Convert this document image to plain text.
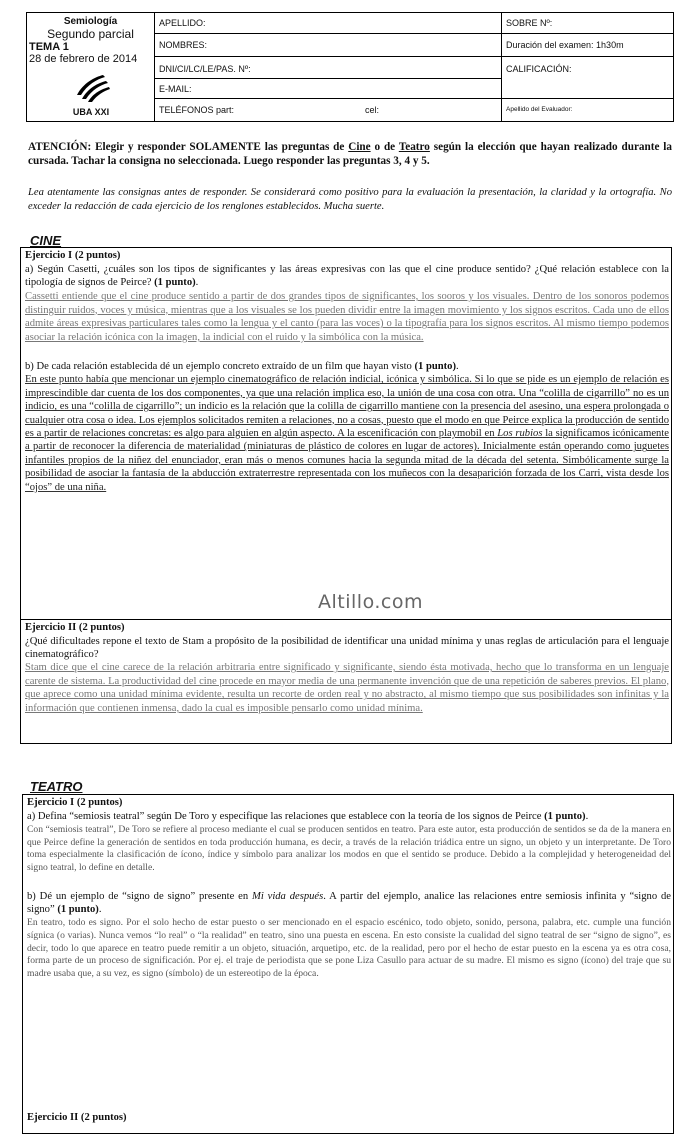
Semiología
Segundo parcial
TEMA 1
28 de febrero de 2014
UBA XXI
APELLIDO:
NOMBRES:
DNI/CI/LC/LE/PAS. Nº:
E-MAIL:
TELÉFONOS part:	cel:
SOBRE Nº:
Duración del examen: 1h30m
CALIFICACIÓN:
Apellido del Evaluador:
ATENCIÓN: Elegir y responder SOLAMENTE las preguntas de Cine o de Teatro según la elección que hayan realizado durante la cursada. Tachar la consigna no seleccionada. Luego responder las preguntas 3, 4 y 5.
Lea atentamente las consignas antes de responder. Se considerará como positivo para la evaluación la presentación, la claridad y la ortografía. No exceder la redacción de cada ejercicio de los renglones establecidos. Mucha suerte.
CINE
Ejercicio I (2 puntos)
a) Según Casetti, ¿cuáles son los tipos de significantes y las áreas expresivas con las que el cine produce sentido? ¿Qué relación establece con la tipología de signos de Peirce? (1 punto).
Cassetti entiende que el cine produce sentido a partir de dos grandes tipos de significantes, los sooros y los visuales. Dentro de los sonoros podemos distinguir ruidos, voces y música, mientras que a los visuales se los pueden dividir entre la imagen movimiento y los signos escritos. Cada uno de ellos admite áreas expresivas particulares tales como la lengua y el canto (para las voces) o la tipografía para los signos escritos. Al mismo tiempo podemos asociar la relación icónica con la imagen, la indicial con el ruido y la simbólica con la música.
b) De cada relación establecida dé un ejemplo concreto extraído de un film que hayan visto (1 punto).
En este punto había que mencionar un ejemplo cinematográfico de relación indicial, icónica y simbólica. Si lo que se pide es un ejemplo de relación es imprescindible dar cuenta de los dos componentes, ya que una relación implica eso, la unión de una cosa con otra. Una “colilla de cigarrillo” no es un indicio, es una “colilla de cigarrillo”; un indicio es la relación que la colilla de cigarrillo mantiene con la presencia del asesino, una espera prolongada o cualquier otra cosa o idea. Los ejemplos solicitados remiten a relaciones, no a cosas, puesto que el modo en que Peirce explica la producción de sentido es a partir de relaciones concretas: es algo para alguien en algún aspecto. A la escenificación con playmobil en Los rubios la significamos icónicamente a partir de reconocer la diferencia de materialidad (miniaturas de plástico de colores en lugar de actores). Inicialmente están operando como juguetes infantiles propios de la niñez del enunciador, eran más o menos comunes hacia la segunda mitad de la década del setenta. Simbólicamente surge la posibilidad de asociar la fantasía de la abducción extraterrestre representada con los muñecos con la desaparición forzada de los Carri, vista desde los “ojos” de una niña.
Altillo.com
Ejercicio II (2 puntos)
¿Qué dificultades repone el texto de Stam a propósito de la posibilidad de identificar una unidad mínima y unas reglas de articulación para el lenguaje cinematográfico?
Stam dice que el cine carece de la relación arbitraria entre significado y significante, siendo ésta motivada, hecho que lo transforma en un lenguaje carente de sistema. La productividad del cine procede en mayor media de una permanente invención que de una repetición de saberes previos. El plano, que aprece como una unidad mínima evidente, resulta un recorte de orden real y no abstracto, al mismo tiempo que sus posibilidades son infinitas y la información que contienen inmensa, dado la cual es imposible pensarlo como unidad mínima.
TEATRO
Ejercicio I (2 puntos)
a) Defina “semiosis teatral” según De Toro y especifique las relaciones que establece con la teoría de los signos de Peirce (1 punto).
Con “semiosis teatral”, De Toro se refiere al proceso mediante el cual se producen sentidos en teatro. Para este autor, esta producción de sentidos se da de la manera en que Peirce define la generación de sentidos en toda producción humana, es decir, a través de la relación triádica entre un signo, un objeto y un interpretante. De Toro toma especialmente la clasificación de ícono, índice y símbolo para analizar los modos en que el sentido se produce. Debido a la complejidad y heterogeneidad del signo teatral, lo define en detalle.
b) Dé un ejemplo de “signo de signo” presente en Mi vida después. A partir del ejemplo, analice las relaciones entre semiosis infinita y “signo de signo” (1 punto).
En teatro, todo es signo. Por el solo hecho de estar puesto o ser mencionado en el espacio escénico, todo objeto, sonido, persona, palabra, etc. cumple una función sígnica (o varias). Nunca vemos “lo real” o “la realidad” en teatro, sino una puesta en escena. En esto consiste la cualidad del signo teatral de ser “signo de signo”, es decir, todo lo que aparece en teatro puede remitir a un objeto, situación, arquetipo, etc. de la realidad, pero por el hecho de estar puesto en la escena ya es otra cosa, forma parte de un proceso de significación. Por ej. el traje de periodista que se pone Liza Casullo para actuar de su madre. El mismo es signo (ícono) del traje que su madre usaba que, a su vez, es signo (símbolo) de un estereotipo de la época.
Ejercicio II (2 puntos)
